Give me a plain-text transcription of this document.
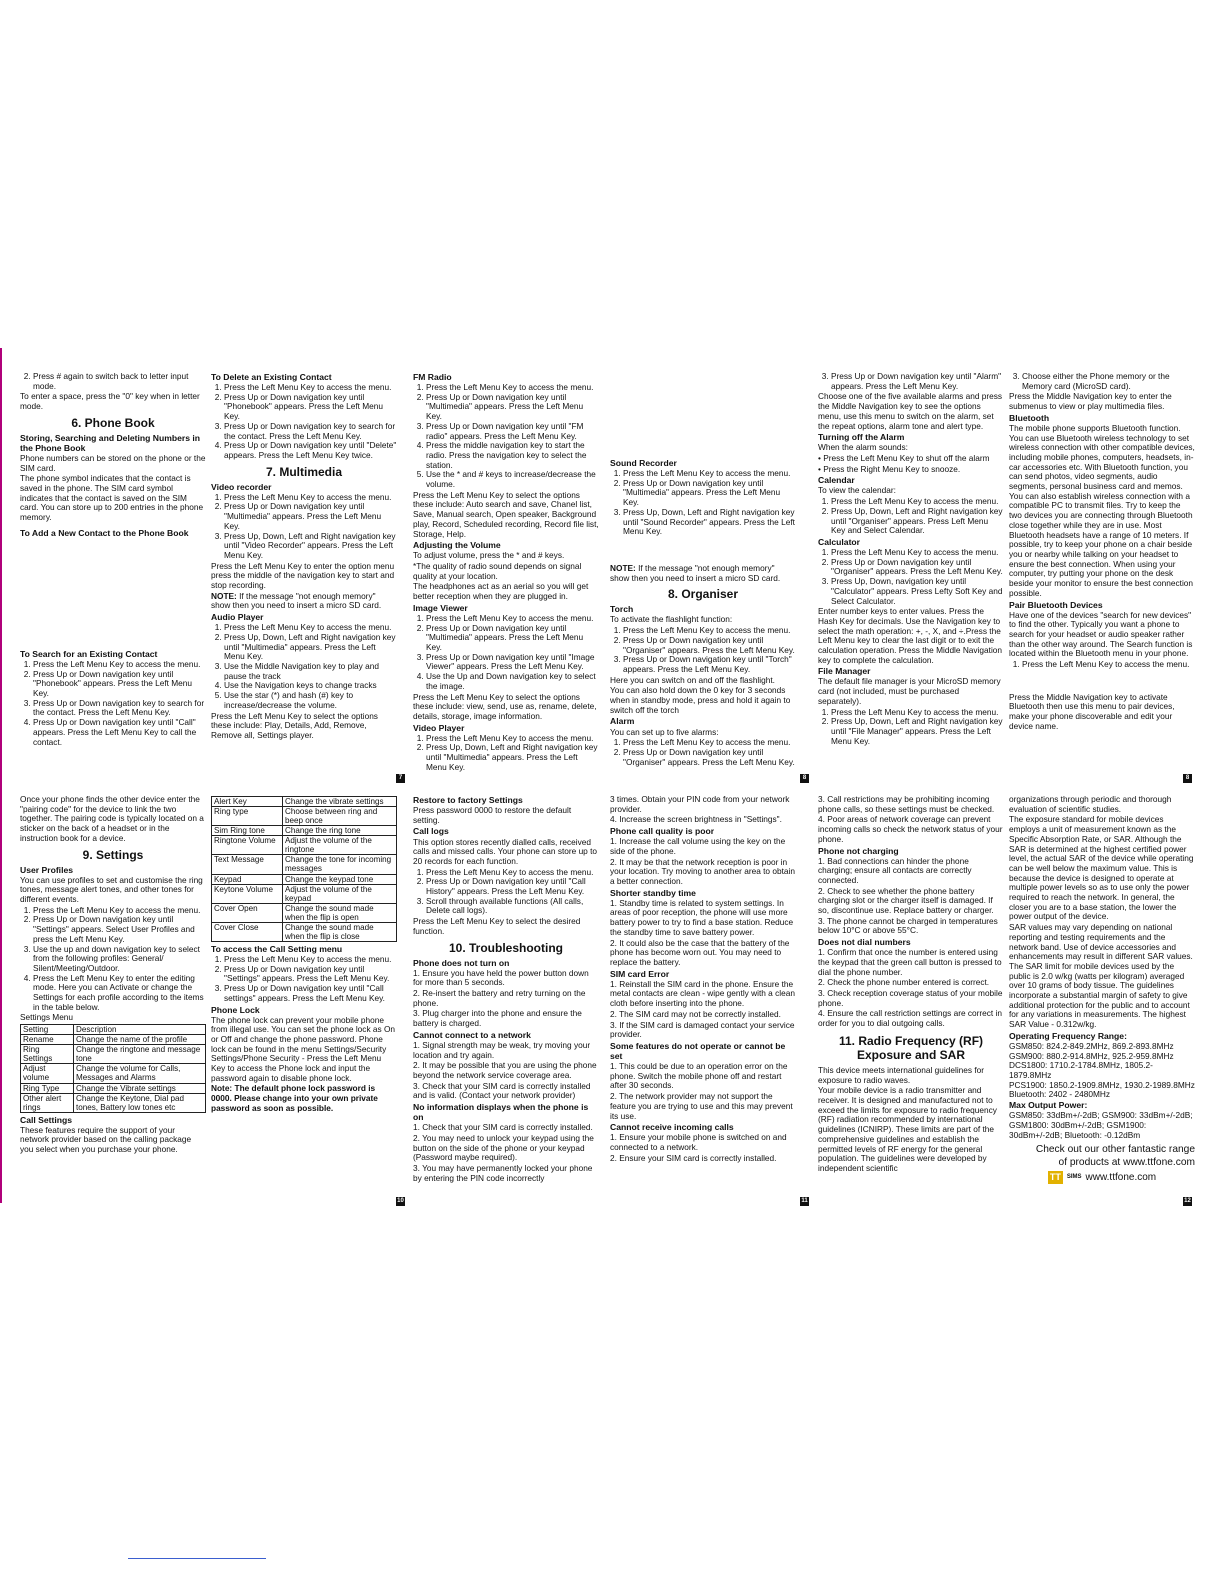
2. Press # again to switch back to letter input mode.

To enter a space, press the "0" key when in letter mode.

6. Phone Book

Storing, Searching and Deleting Numbers in the Phone Book

Phone numbers can be stored on the phone or the SIM card.

The phone symbol indicates that the contact is saved in the phone. The SIM card symbol indicates that the contact is saved on the SIM card. You can store up to 200 entries in the phone memory.

To Add a New Contact to the Phone Book

To Search for an Existing Contact

1. Press the Left Menu Key to access the menu.
2. Press Up or Down navigation key until "Phonebook" appears. Press the Left Menu Key.
3. Press Up or Down navigation key to search for the contact. Press the Left Menu Key.
4. Press Up or Down navigation key until "Call" appears. Press the Left Menu Key to call the contact.

To Delete an Existing Contact

1. Press the Left Menu Key to access the menu.
2. Press Up or Down navigation key until "Phonebook" appears. Press the Left Menu Key.
3. Press Up or Down navigation key to search for the contact. Press the Left Menu Key.
4. Press Up or Down navigation key until "Delete" appears. Press the Left Menu Key twice.
7. Multimedia

Video recorder

1. Press the Left Menu Key to access the menu.
2. Press Up or Down navigation key until "Multimedia" appears. Press the Left Menu Key.
3. Press Up, Down, Left and Right navigation key until "Video Recorder" appears. Press the Left Menu Key.

Press the Left Menu Key to enter the option menu press the middle of the navigation key to start and stop recording.

NOTE: If the message "not enough memory" show then you need to insert a micro SD card.

Audio Player

1. Press the Left Menu Key to access the menu.
2. Press Up, Down, Left and Right navigation key until "Multimedia" appears. Press the Left Menu Key.
3. Use the Middle Navigation key to play and pause the track
4. Use the Navigation keys to change tracks
5. Use the star (*) and hash (#) key to increase/decrease the volume.

Press the Left Menu Key to select the options these include: Play, Details, Add, Remove, Remove all, Settings player.

FM Radio

1. Press the Left Menu Key to access the menu.
2. Press Up or Down navigation key until "Multimedia" appears. Press the Left Menu Key.
3. Press Up or Down navigation key until "FM radio" appears. Press the Left Menu Key.
4. Press the middle navigation key to start the radio. Press the navigation key to select the station.
5. Use the * and # keys to increase/decrease the volume.

Press the Left Menu Key to select the options these include: Auto search and save, Chanel list, Save, Manual search, Open speaker, Background play, Record, Scheduled recording, Record file list, Storage, Help.

Adjusting the Volume

To adjust volume, press the * and # keys.

*The quality of radio sound depends on signal quality at your location.

The headphones act as an aerial so you will get better reception when they are plugged in.

Image Viewer

1. Press the Left Menu Key to access the menu.
2. Press Up or Down navigation key until "Multimedia" appears. Press the Left Menu Key.
3. Press Up or Down navigation key until "Image Viewer" appears. Press the Left Menu Key.
4. Use the Up and Down navigation key to select the image.

Press the Left Menu Key to select the options these include: view, send, use as, rename, delete, details, storage, image information.

Video Player

1. Press the Left Menu Key to access the menu.
2. Press Up, Down, Left and Right navigation key until "Multimedia" appears. Press the Left Menu Key.
7

Sound Recorder

1. Press the Left Menu Key to access the menu.
2. Press Up or Down navigation key until "Multimedia" appears. Press the Left Menu Key.
3. Press Up, Down, Left and Right navigation key until "Sound Recorder" appears. Press the Left Menu Key.

NOTE: If the message "not enough memory" show then you need to insert a micro SD card.

8. Organiser

Torch

To activate the flashlight function:

1. Press the Left Menu Key to access the menu.
2. Press Up or Down navigation key until "Organiser" appears. Press the Left Menu Key.
3. Press Up or Down navigation key until "Torch" appears. Press the Left Menu Key.

Here you can switch on and off the flashlight.

You can also hold down the 0 key for 3 seconds when in standby mode, press and hold it again to switch off the torch

Alarm

You can set up to five alarms:

1. Press the Left Menu Key to access the menu.
2. Press Up or Down navigation key until "Organiser" appears. Press the Left Menu Key.
3. Press Up or Down navigation key until "Alarm" appears. Press the Left Menu Key.

Choose one of the five available alarms and press the Middle Navigation key to see the options menu, use this menu to switch on the alarm, set the repeat options, alarm tone and alert type.

Turning off the Alarm

When the alarm sounds:

• Press the Left Menu Key to shut off the alarm

• Press the Right Menu Key to snooze.

Calendar

To view the calendar:

1. Press the Left Menu Key to access the menu.
2. Press Up, Down, Left and Right navigation key until "Organiser" appears. Press Left Menu Key and Select Calendar.

Calculator

1. Press the Left Menu Key to access the menu.
2. Press Up or Down navigation key until "Organiser" appears. Press the Left Menu Key.
3. Press Up, Down, navigation key until "Calculator" appears. Press Lefty Soft Key and Select Calculator.

Enter number keys to enter values. Press the Hash Key for decimals. Use the Navigation key to select the math operation: +, -, X, and ÷.Press the Left Menu key to clear the last digit or to exit the calculation operation. Press the Middle Navigation key to complete the calculation.

File Manager

The default file manager is your MicroSD memory card (not included, must be purchased separately).

1. Press the Left Menu Key to access the menu.
2. Press Up, Down, Left and Right navigation key until "File Manager" appears. Press the Left Menu Key.
8
3. Choose either the Phone memory or the Memory card (MicroSD card).

Press the Middle Navigation key to enter the submenus to view or play multimedia files.

Bluetooth

The mobile phone supports Bluetooth function. You can use Bluetooth wireless technology to set wireless connection with other compatible devices, including mobile phones, computers, headsets, in-car accessories etc. With Bluetooth function, you can send photos, video segments, audio segments, personal business card and memos. You can also establish wireless connection with a compatible PC to transmit files. Try to keep the two devices you are connecting through Bluetooth close together while they are in use. Most Bluetooth headsets have a range of 10 meters. If possible, try to keep your phone on a chair beside you or nearby while talking on your headset to ensure the best connection. When using your computer, try putting your phone on the desk beside your monitor to ensure the best connection possible.

Pair Bluetooth Devices

Have one of the devices "search for new devices" to find the other. Typically you want a phone to search for your headset or audio speaker rather than the other way around. The Search function is located within the Bluetooth menu in your phone.

1. Press the Left Menu Key to access the menu.

Press the Middle Navigation key to activate Bluetooth then use this menu to pair devices, make your phone discoverable and edit your device name.

8

Once your phone finds the other device enter the "pairing code" for the device to link the two together. The pairing code is typically located on a sticker on the back of a headset or in the instruction book for a device.

9. Settings

User Profiles

You can use profiles to set and customise the ring tones, message alert tones, and other tones for different events.

1. Press the Left Menu Key to access the menu.
2. Press Up or Down navigation key until "Settings" appears. Select User Profiles and press the Left Menu Key.
3. Use the up and down navigation key to select from the following profiles: General/ Silent/Meeting/Outdoor.
4. Press the Left Menu Key to enter the editing mode. Here you can Activate or change the Settings for each profile according to the items in the table below.

Settings Menu

Setting	Description
Rename	Change the name of the profile
Ring Settings	Change the ringtone and message tone
Adjust volume	Change the volume for Calls, Messages and Alarms
Ring Type	Change the Vibrate settings
Other alert rings	Change the Keytone, Dial pad tones, Battery low tones etc

Call Settings

These features require the support of your network provider based on the calling package you select when you purchase your phone.

Alert Key	Change the vibrate settings
Ring type	Choose between ring and beep once
Sim Ring tone	Change the ring tone
Ringtone Volume	Adjust the volume of the ringtone
Text Message	Change the tone for incoming messages
Keypad	Change the keypad tone
Keytone Volume	Adjust the volume of the keypad
Cover Open	Change the sound made when the flip is open
Cover Close	Change the sound made when the flip is close

To access the Call Setting menu

1. Press the Left Menu Key to access the menu.
2. Press Up or Down navigation key until "Settings" appears. Press the Left Menu Key.
3. Press Up or Down navigation key until "Call settings" appears. Press the Left Menu Key.

Phone Lock

The phone lock can prevent your mobile phone from illegal use. You can set the phone lock as On or Off and change the phone password. Phone lock can be found in the menu Settings/Security Settings/Phone Security - Press the Left Menu Key to access the Phone lock and input the password again to disable phone lock.

Note: The default phone lock password is 0000. Please change into your own private password as soon as possible.

10

Restore to factory Settings

Press password 0000 to restore the default setting.

Call logs

This option stores recently dialled calls, received calls and missed calls. Your phone can store up to 20 records for each function.

1. Press the Left Menu Key to access the menu.
2. Press Up or Down navigation key until "Call History" appears. Press the Left Menu Key.
3. Scroll through available functions (All calls, Delete call logs).

Press the Left Menu Key to select the desired function.

10. Troubleshooting

Phone does not turn on

1. Ensure you have held the power button down for more than 5 seconds.

2. Re-insert the battery and retry turning on the phone.

3. Plug charger into the phone and ensure the battery is charged.

Cannot connect to a network

1. Signal strength may be weak, try moving your location and try again.

2. It may be possible that you are using the phone beyond the network service coverage area.

3. Check that your SIM card is correctly installed and is valid. (Contact your network provider)

No information displays when the phone is on

1. Check that your SIM card is correctly installed.

2. You may need to unlock your keypad using the button on the side of the phone or your keypad (Password maybe required).

3. You may have permanently locked your phone by entering the PIN code incorrectly

3 times. Obtain your PIN code from your network provider.

4. Increase the screen brightness in "Settings".

Phone call quality is poor

1. Increase the call volume using the key on the side of the phone.

2. It may be that the network reception is poor in your location. Try moving to another area to obtain a better connection.

Shorter standby time

1. Standby time is related to system settings. In areas of poor reception, the phone will use more battery power to try to find a base station. Reduce the standby time to save battery power.

2. It could also be the case that the battery of the phone has become worn out. You may need to replace the battery.

SIM card Error

1. Reinstall the SIM card in the phone. Ensure the metal contacts are clean - wipe gently with a clean cloth before inserting into the phone.

2. The SIM card may not be correctly installed.

3. If the SIM card is damaged contact your service provider.

Some features do not operate or cannot be set

1. This could be due to an operation error on the phone. Switch the mobile phone off and restart after 30 seconds.

2. The network provider may not support the feature you are trying to use and this may prevent its use.

Cannot receive incoming calls

1. Ensure your mobile phone is switched on and connected to a network.

2. Ensure your SIM card is correctly installed.

3. Call restrictions may be prohibiting incoming phone calls, so these settings must be checked.

4. Poor areas of network coverage can prevent incoming calls so check the network status of your phone.

Phone not charging

1. Bad connections can hinder the phone charging; ensure all contacts are correctly connected.

2. Check to see whether the phone battery charging slot or the charger itself is damaged. If so, discontinue use. Replace battery or charger.

3. The phone cannot be charged in temperatures below 10°C or above 55°C.

Does not dial numbers

1. Confirm that once the number is entered using the keypad that the green call button is pressed to dial the phone number.

2. Check the phone number entered is correct.

3. Check reception coverage status of your mobile phone.

4. Ensure the call restriction settings are correct in order for you to dial outgoing calls.

11. Radio Frequency (RF) Exposure and SAR

This device meets international guidelines for exposure to radio waves.

Your mobile device is a radio transmitter and receiver. It is designed and manufactured not to exceed the limits for exposure to radio frequency (RF) radiation recommended by international guidelines (ICNIRP). These limits are part of the comprehensive guidelines and establish the permitted levels of RF energy for the general population. The guidelines were developed by independent scientific

11

organizations through periodic and thorough evaluation of scientific studies.

The exposure standard for mobile devices employs a unit of measurement known as the Specific Absorption Rate, or SAR. Although the SAR is determined at the highest certified power level, the actual SAR of the device while operating can be well below the maximum value. This is because the device is designed to operate at multiple power levels so as to use only the power required to reach the network. In general, the closer you are to a base station, the lower the power output of the device.

SAR values may vary depending on national reporting and testing requirements and the network band. Use of device accessories and enhancements may result in different SAR values. The SAR limit for mobile devices used by the public is 2.0 w/kg (watts per kilogram) averaged over 10 grams of body tissue. The guidelines incorporate a substantial margin of safety to give additional protection for the public and to account for any variations in measurements. The highest SAR Value - 0.312w/kg.

Operating Frequency Range:

GSM850: 824.2-849.2MHz, 869.2-893.8MHz
GSM900: 880.2-914.8MHz, 925.2-959.8MHz
DCS1800: 1710.2-1784.8MHz, 1805.2-1879.8MHz
PCS1900: 1850.2-1909.8MHz, 1930.2-1989.8MHz
Bluetooth: 2402 - 2480MHz

Max Output Power:

GSM850: 33dBm+/-2dB; GSM900: 33dBm+/-2dB; GSM1800: 30dBm+/-2dB; GSM1900: 30dBm+/-2dB; Bluetooth: -0.12dBm

Check out our other fantastic range

of products at www.ttfone.com

TT	SIMS www.ttfone.com
12
